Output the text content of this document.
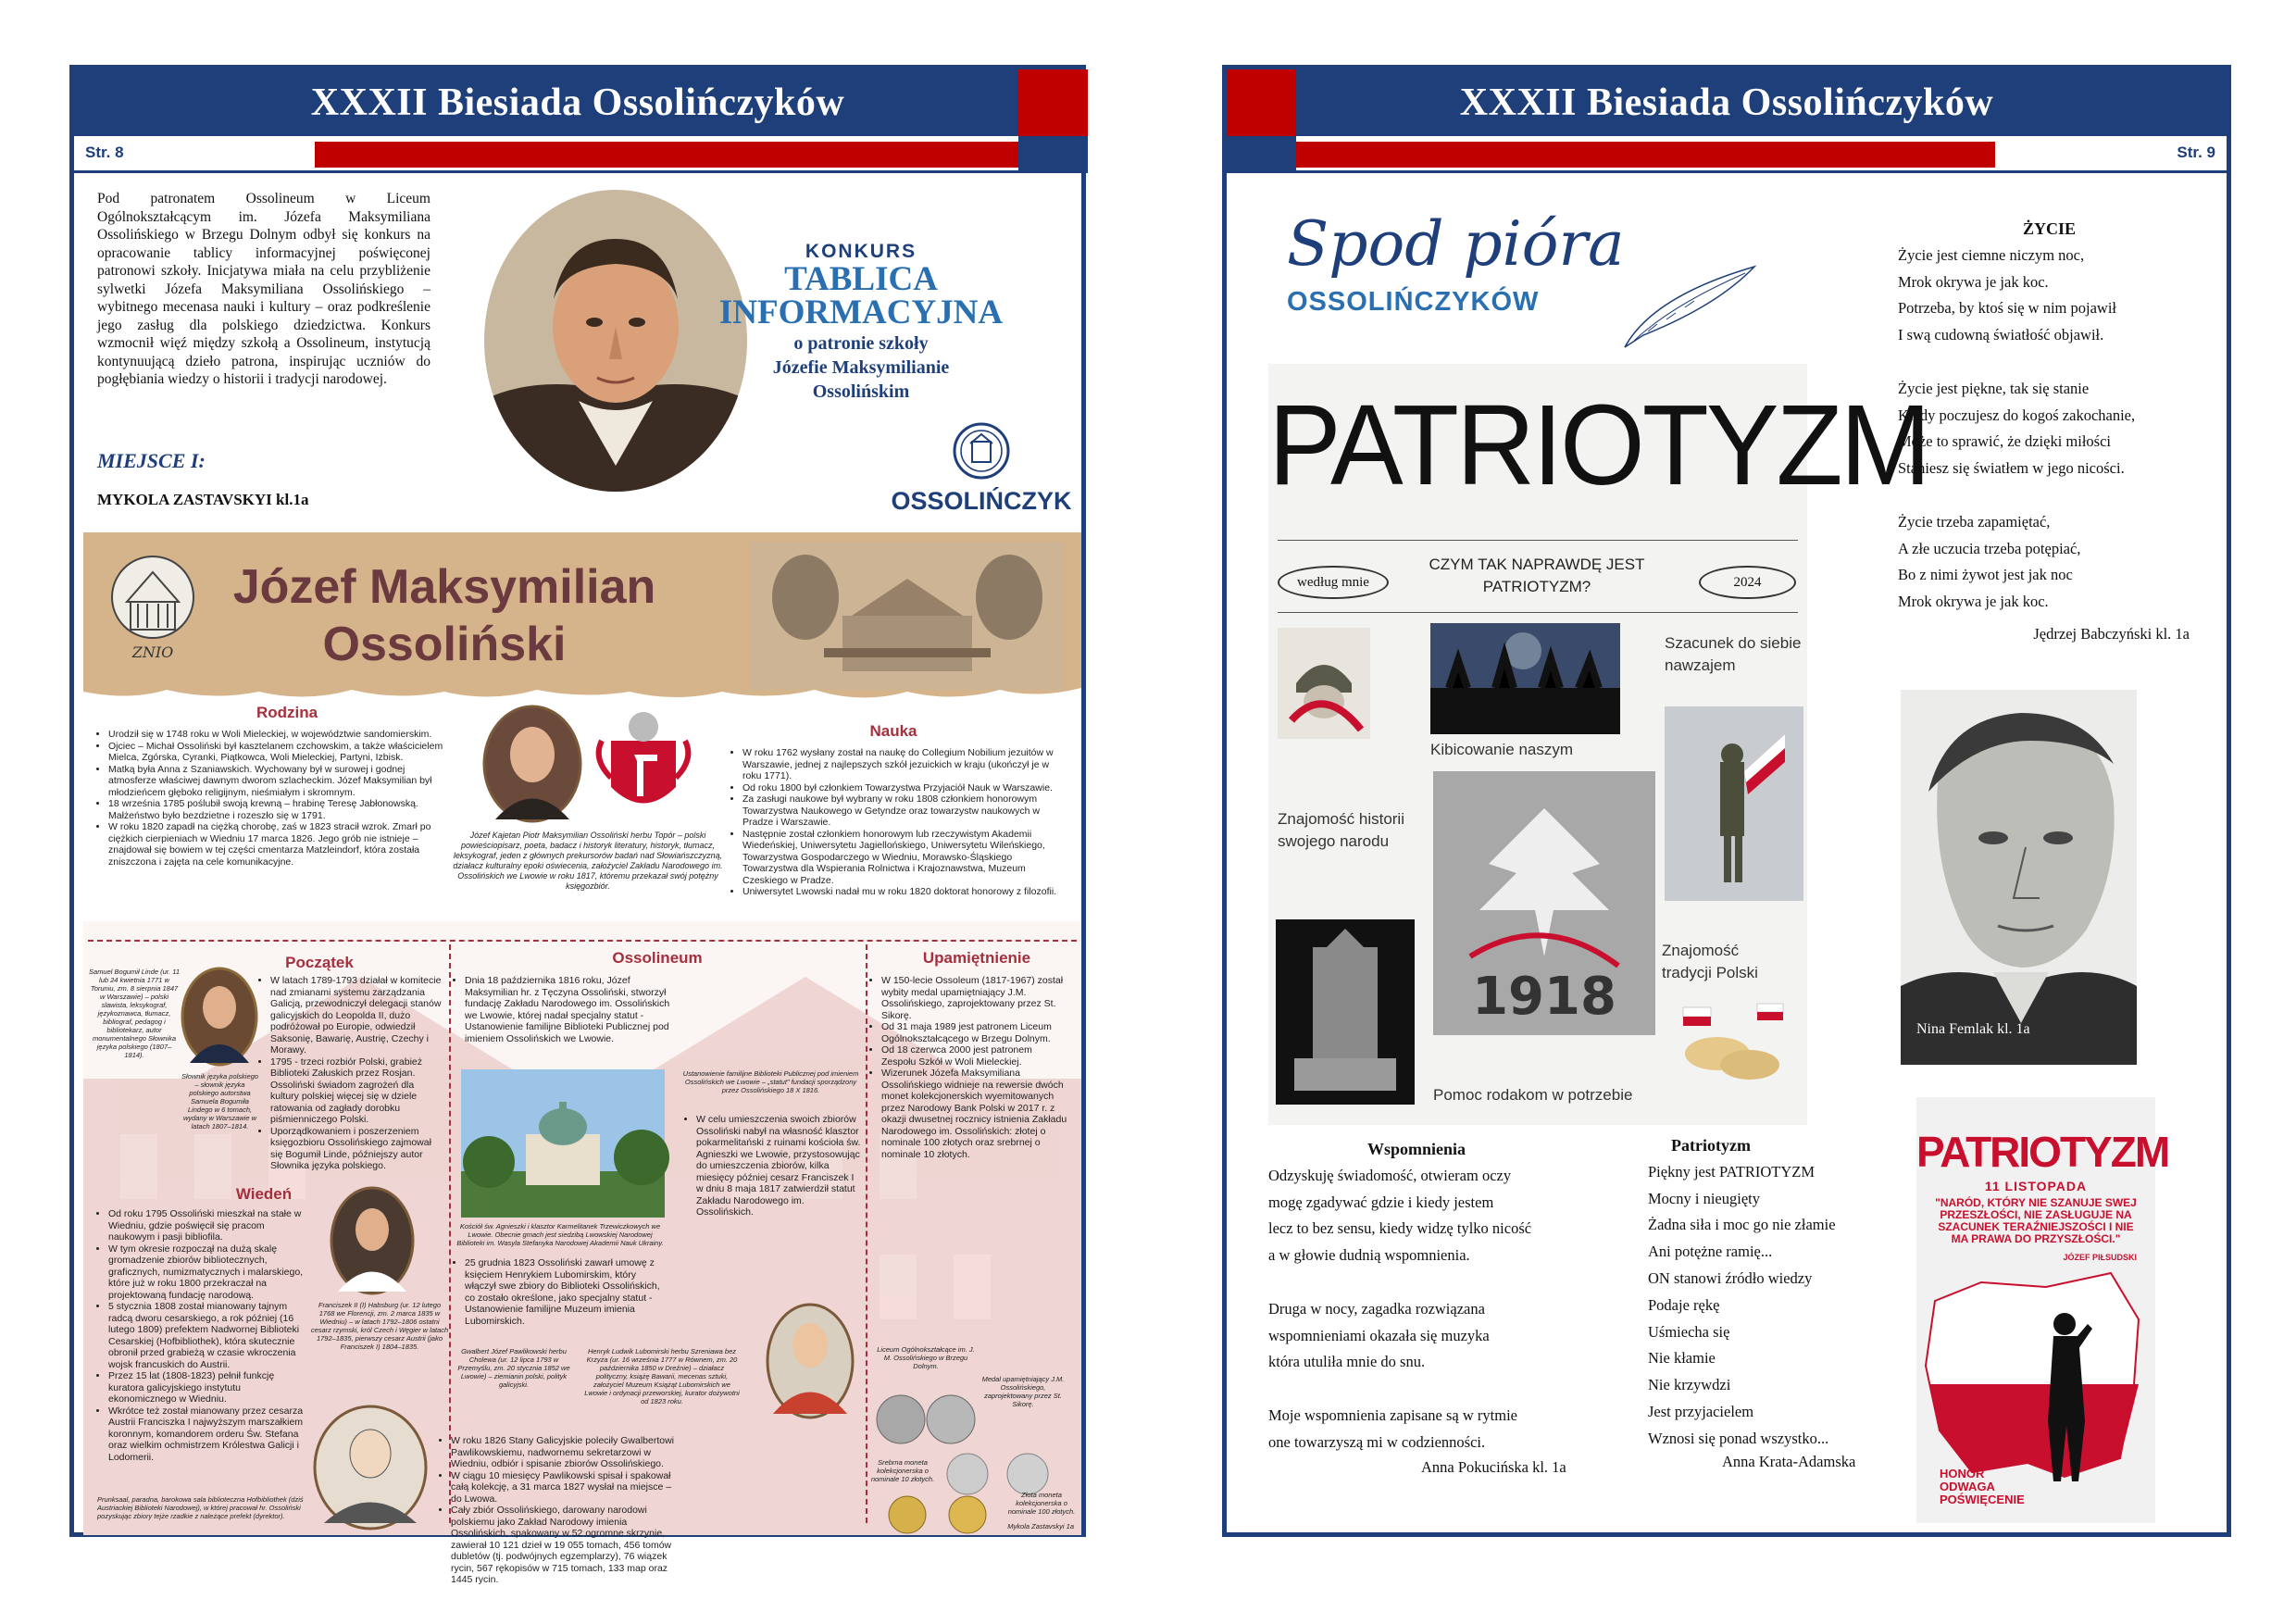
XXXII Biesiada Ossolińczyków
Str. 8

Pod patronatem Ossolineum w Liceum Ogólnokształcącym im. Józefa Maksymiliana Ossolińskiego w Brzegu Dolnym odbył się konkurs na opracowanie tablicy informacyjnej poświęconej patronowi szkoły. Inicjatywa miała na celu przybliżenie sylwetki Józefa Maksymiliana Ossolińskiego – wybitnego mecenasa nauki i kultury – oraz podkreślenie jego zasług dla polskiego dziedzictwa. Konkurs wzmocnił więź między szkołą a Ossolineum, instytucją kontynuującą dzieło patrona, inspirując uczniów do pogłębiania wiedzy o historii i tradycji narodowej.

MIEJSCE I:
MYKOLA ZASTAVSKYI kl.1a
KONKURS
TABLICA
INFORMACYJNA
o patronie szkoły
Józefie Maksymilianie
Ossolińskim
OSSOLIŃCZYK
ZNIO
Józef Maksymilian
Ossoliński
Rodzina
• Urodził się w 1748 roku w Woli Mieleckiej, w województwie sandomierskim.
• Ojciec – Michał Ossoliński był kasztelanem czchowskim, a także właścicielem Mielca, Zgórska, Cyranki, Piątkowca, Woli Mieleckiej, Partyni, Izbisk.
• Matką była Anna z Szaniawskich. Wychowany był w surowej i godnej atmosferze właściwej dawnym dworom szlacheckim. Józef Maksymilian był młodzieńcem głęboko religijnym, nieśmiałym i skromnym.
• 18 września 1785 poślubił swoją krewną – hrabinę Teresę Jabłonowską. Małżeństwo było bezdzietne i rozeszło się w 1791.
• W roku 1820 zapadł na ciężką chorobę, zaś w 1823 stracił wzrok. Zmarł po ciężkich cierpieniach w Wiedniu 17 marca 1826. Jego grób nie istnieje – znajdował się bowiem w tej części cmentarza Matzleindorf, która została zniszczona i zajęta na cele komunikacyjne.
Józef Kajetan Piotr Maksymilian Ossoliński herbu Topór – polski powieściopisarz, poeta, badacz i historyk literatury, historyk, tłumacz, leksykograf, jeden z głównych prekursorów badań nad Słowiańszczyzną, działacz kulturalny epoki oświecenia, założyciel Zakładu Narodowego im. Ossolińskich we Lwowie w roku 1817, któremu przekazał swój potężny księgozbiór.
Nauka
• W roku 1762 wysłany został na naukę do Collegium Nobilium jezuitów w Warszawie, jednej z najlepszych szkół jezuickich w kraju (ukończył je w roku 1771).
• Od roku 1800 był członkiem Towarzystwa Przyjaciół Nauk w Warszawie.
• Za zasługi naukowe był wybrany w roku 1808 członkiem honorowym Towarzystwa Naukowego w Getyndze oraz towarzystw naukowych w Pradze i Warszawie.
• Następnie został członkiem honorowym lub rzeczywistym Akademii Wiedeńskiej, Uniwersytetu Jagiellońskiego, Uniwersytetu Wileńskiego, Towarzystwa Gospodarczego w Wiedniu, Morawsko-Śląskiego Towarzystwa dla Wspierania Rolnictwa i Krajoznawstwa, Muzeum Czeskiego w Pradze.
• Uniwersytet Lwowski nadał mu w roku 1820 doktorat honorowy z filozofii.
Początek
Samuel Bogumił Linde (ur. 11 lub 24 kwietnia 1771 w Toruniu, zm. 8 sierpnia 1847 w Warszawie) – polski slawista, leksykograf, językoznawca, tłumacz, bibliograf, pedagog i bibliotekarz, autor monumentalnego Słownika języka polskiego (1807–1814).
Słownik języka polskiego – słownik języka polskiego autorstwa Samuela Bogumiła Lindego w 6 tomach, wydany w Warszawie w latach 1807–1814.
• W latach 1789-1793 działał w komitecie nad zmianami systemu zarządzania Galicją, przewodniczył delegacji stanów galicyjskich do Leopolda II, dużo podróżował po Europie, odwiedził Saksonię, Bawarię, Austrię, Czechy i Morawy.
• 1795 - trzeci rozbiór Polski, grabież Biblioteki Załuskich przez Rosjan. Ossoliński świadom zagrożeń dla kultury polskiej więcej się w dziele ratowania od zagłady dorobku piśmienniczego Polski.
• Uporządkowaniem i poszerzeniem księgozbioru Ossolińskiego zajmował się Bogumił Linde, późniejszy autor Słownika języka polskiego.
Ossolineum
• Dnia 18 października 1816 roku, Józef Maksymilian hr. z Tęczyna Ossoliński, stworzył fundację Zakładu Narodowego im. Ossolińskich we Lwowie, której nadał specjalny statut - Ustanowienie familijne Biblioteki Publicznej pod imieniem Ossolińskich we Lwowie.
Kościół św. Agnieszki i klasztor Karmelitanek Trzewiczkowych we Lwowie. Obecnie gmach jest siedzibą Lwowskiej Narodowej Biblioteki im. Wasyla Stefanyka Narodowej Akademii Nauk Ukrainy.
Ustanowienie familijne Biblioteki Publicznej pod imieniem Ossolińskich we Lwowie – „statut" fundacji sporządzony przez Ossolińskiego 18 X 1816.
• W celu umieszczenia swoich zbiorów Ossoliński nabył na własność klasztor pokarmelitański z ruinami kościoła św. Agnieszki we Lwowie, przystosowując do umieszczenia zbiorów, kilka miesięcy później cesarz Franciszek I w dniu 8 maja 1817 zatwierdził statut Zakładu Narodowego im. Ossolińskich.
• 25 grudnia 1823 Ossoliński zawarł umowę z księciem Henrykiem Lubomirskim, który włączył swe zbiory do Biblioteki Ossolińskich, co zostało określone, jako specjalny statut - Ustanowienie familijne Muzeum imienia Lubomirskich.
Upamiętnienie
• W 150-lecie Ossoleum (1817-1967) został wybity medal upamiętniający J.M. Ossolińskiego, zaprojektowany przez St. Sikorę.
• Od 31 maja 1989 jest patronem Liceum Ogólnokształcącego w Brzegu Dolnym.
• Od 18 czerwca 2000 jest patronem Zespołu Szkół w Woli Mieleckiej.
• Wizerunek Józefa Maksymiliana Ossolińskiego widnieje na rewersie dwóch monet kolekcjonerskich wyemitowanych przez Narodowy Bank Polski w 2017 r. z okazji dwusetnej rocznicy istnienia Zakładu Narodowego im. Ossolińskich: złotej o nominale 100 złotych oraz srebrnej o nominale 10 złotych.
Wiedeń
• Od roku 1795 Ossoliński mieszkał na stałe w Wiedniu, gdzie poświęcił się pracom naukowym i pasji bibliofila.
• W tym okresie rozpoczął na dużą skalę gromadzenie zbiorów bibliotecznych, graficznych, numizmatycznych i malarskiego, które już w roku 1800 przekraczał na projektowaną fundację narodową.
• 5 stycznia 1808 został mianowany tajnym radcą dworu cesarskiego, a rok później (16 lutego 1809) prefektem Nadwornej Biblioteki Cesarskiej (Hofbibliothek), która skutecznie obronił przed grabieżą w czasie wkroczenia wojsk francuskich do Austrii.
• Przez 15 lat (1808-1823) pełnił funkcję kuratora galicyjskiego instytutu ekonomicznego w Wiedniu.
• Wkrótce też został mianowany przez cesarza Austrii Franciszka I najwyższym marszałkiem koronnym, komandorem orderu Św. Stefana oraz wielkim ochmistrzem Królestwa Galicji i Lodomerii.
Franciszek II (I) Habsburg (ur. 12 lutego 1768 we Florencji, zm. 2 marca 1835 w Wiedniu) – w latach 1792–1806 ostatni cesarz rzymski, król Czech i Węgier w latach 1792–1835, pierwszy cesarz Austrii (jako Franciszek I) 1804–1835.
Gwalbert Józef Pawlikowski herbu Cholewa (ur. 12 lipca 1793 w Przemyślu, zm. 20 stycznia 1852 we Lwowie) – ziemianin polski, polityk galicyjski.
Henryk Ludwik Lubomirski herbu Szreniawa bez Krzyża (ur. 16 września 1777 w Równem, zm. 20 października 1850 w Dreźnie) – działacz polityczny, książę Bawarii, mecenas sztuki, założyciel Muzeum Książąt Lubomirskich we Lwowie i ordynacji przeworskiej, kurator dożywotni od 1823 roku.
• W roku 1826 Stany Galicyjskie poleciły Gwalbertowi Pawlikowskiemu, nadwornemu sekretarzowi w Wiedniu, odbiór i spisanie zbiorów Ossolińskiego.
• W ciągu 10 miesięcy Pawlikowski spisał i spakował całą kolekcję, a 31 marca 1827 wysłał na miejsce – do Lwowa.
• Cały zbiór Ossolińskiego, darowany narodowi polskiemu jako Zakład Narodowy imienia Ossolińskich, spakowany w 52 ogromne skrzynie, zawierał 10 121 dzieł w 19 055 tomach, 456 tomów dubletów (tj. podwójnych egzemplarzy), 76 wiązek rycin, 567 rękopisów w 715 tomach, 133 map oraz 1445 rycin.
Prunksaal, paradna, barokowa sala biblioteczna Hofbibliothek (dziś Austriackiej Biblioteki Narodowej), w której pracował hr. Ossoliński pozyskując zbiory tejże rzadkie z należące prefekt (dyrektor).
Liceum Ogólnokształcące im. J. M. Ossolińskiego w Brzegu Dolnym.
Medal upamiętniający J.M. Ossolińskiego, zaprojektowany przez St. Sikorę.
Srebrna moneta kolekcjonerska o nominale 10 złotych.
Złota moneta kolekcjonerska o nominale 100 złotych.
Mykola Zastavskyi 1a
XXXII Biesiada Ossolińczyków
Str. 9
Spod pióra
OSSOLIŃCZYKÓW
PATRIOTYZM
według mnie
CZYM TAK NAPRAWDĘ JEST
PATRIOTYZM?	2024
Kibicowanie naszym
Szacunek do siebie
nawzajem
Znajomość historii
swojego narodu
1918
Znajomość
tradycji Polski
Pomoc rodakom w potrzebie
ŻYCIE
Życie jest ciemne niczym noc,
Mrok okrywa je jak koc.
Potrzeba, by ktoś się w nim pojawił
I swą cudowną światłość objawił.
Życie jest piękne, tak się stanie
Kiedy poczujesz do kogoś zakochanie,
Może to sprawić, że dzięki miłości
Staniesz się światłem w jego nicości.
Życie trzeba zapamiętać,
A złe uczucia trzeba potępiać,
Bo z nimi żywot jest jak noc
Mrok okrywa je jak koc.
Jędrzej Babczyński kl. 1a
Nina Femlak kl. 1a
PATRIOTYZM
11 LISTOPADA
"NARÓD, KTÓRY NIE SZANUJE SWEJ PRZESZŁOŚCI, NIE ZASŁUGUJE NA SZACUNEK TERAŹNIEJSZOŚCI I NIE MA PRAWA DO PRZYSZŁOŚCI."
JÓZEF PIŁSUDSKI
HONOR
ODWAGA
POŚWIĘCENIE
Wspomnienia
Odzyskuję świadomość, otwieram oczy
mogę zgadywać gdzie i kiedy jestem
lecz to bez sensu, kiedy widzę tylko nicość
a w głowie dudnią wspomnienia.
Druga w nocy, zagadka rozwiązana
wspomnieniami okazała się muzyka
która utuliła mnie do snu.
Moje wspomnienia zapisane są w rytmie
one towarzyszą mi w codzienności.
Anna Pokucińska kl. 1a
Patriotyzm
Piękny jest PATRIOTYZM
Mocny i nieugięty
Żadna siła i moc go nie złamie
Ani potężne ramię...
ON stanowi źródło wiedzy
Podaje rękę
Uśmiecha się
Nie kłamie
Nie krzywdzi
Jest przyjacielem
Wznosi się ponad wszystko...
Anna Krata-Adamska
